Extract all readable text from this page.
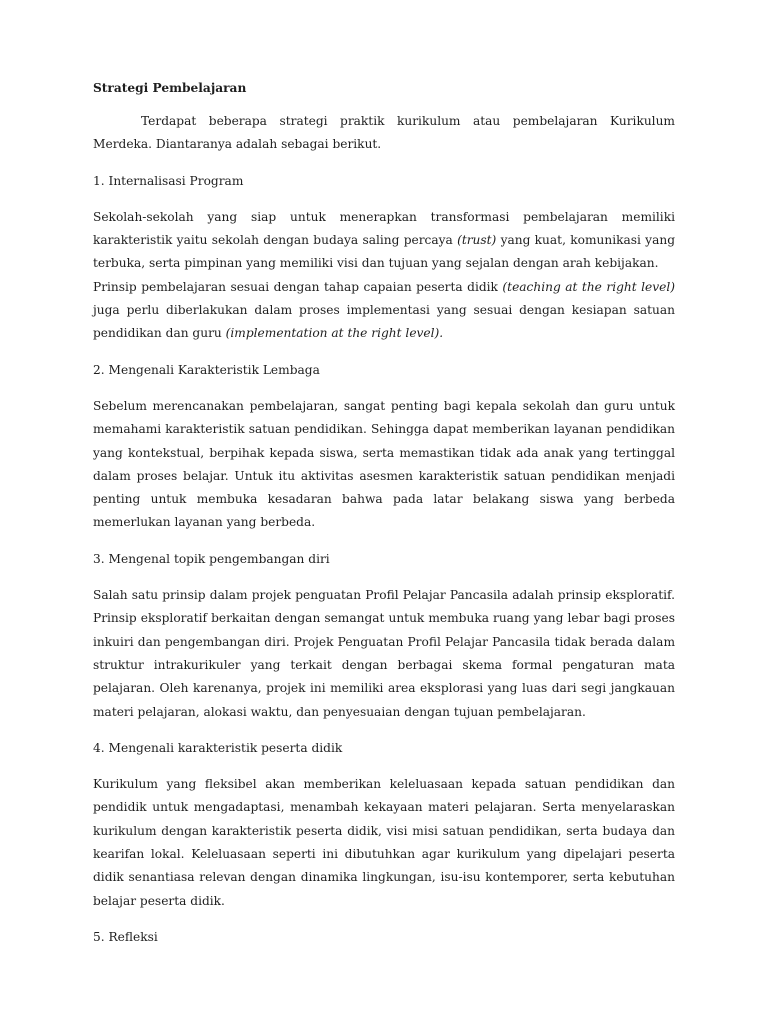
Strategi Pembelajaran

Terdapat beberapa strategi praktik kurikulum atau pembelajaran Kurikulum Merdeka. Diantaranya adalah sebagai berikut.

1. Internalisasi Program

Sekolah-sekolah yang siap untuk menerapkan transformasi pembelajaran memiliki karakteristik yaitu sekolah dengan budaya saling percaya (trust) yang kuat, komunikasi yang terbuka, serta pimpinan yang memiliki visi dan tujuan yang sejalan dengan arah kebijakan.

Prinsip pembelajaran sesuai dengan tahap capaian peserta didik (teaching at the right level) juga perlu diberlakukan dalam proses implementasi yang sesuai dengan kesiapan satuan pendidikan dan guru (implementation at the right level).

2. Mengenali Karakteristik Lembaga

Sebelum merencanakan pembelajaran, sangat penting bagi kepala sekolah dan guru untuk memahami karakteristik satuan pendidikan. Sehingga dapat memberikan layanan pendidikan yang kontekstual, berpihak kepada siswa, serta memastikan tidak ada anak yang tertinggal dalam proses belajar. Untuk itu aktivitas asesmen karakteristik satuan pendidikan menjadi penting untuk membuka kesadaran bahwa pada latar belakang siswa yang berbeda memerlukan layanan yang berbeda.

3. Mengenal topik pengembangan diri

Salah satu prinsip dalam projek penguatan Profil Pelajar Pancasila adalah prinsip eksploratif. Prinsip eksploratif berkaitan dengan semangat untuk membuka ruang yang lebar bagi proses inkuiri dan pengembangan diri. Projek Penguatan Profil Pelajar Pancasila tidak berada dalam struktur intrakurikuler yang terkait dengan berbagai skema formal pengaturan mata pelajaran. Oleh karenanya, projek ini memiliki area eksplorasi yang luas dari segi jangkauan materi pelajaran, alokasi waktu, dan penyesuaian dengan tujuan pembelajaran.

4. Mengenali karakteristik peserta didik

Kurikulum yang fleksibel akan memberikan keleluasaan kepada satuan pendidikan dan pendidik untuk mengadaptasi, menambah kekayaan materi pelajaran. Serta menyelaraskan kurikulum dengan karakteristik peserta didik, visi misi satuan pendidikan, serta budaya dan kearifan lokal. Keleluasaan seperti ini dibutuhkan agar kurikulum yang dipelajari peserta didik senantiasa relevan dengan dinamika lingkungan, isu-isu kontemporer, serta kebutuhan belajar peserta didik.

5. Refleksi
